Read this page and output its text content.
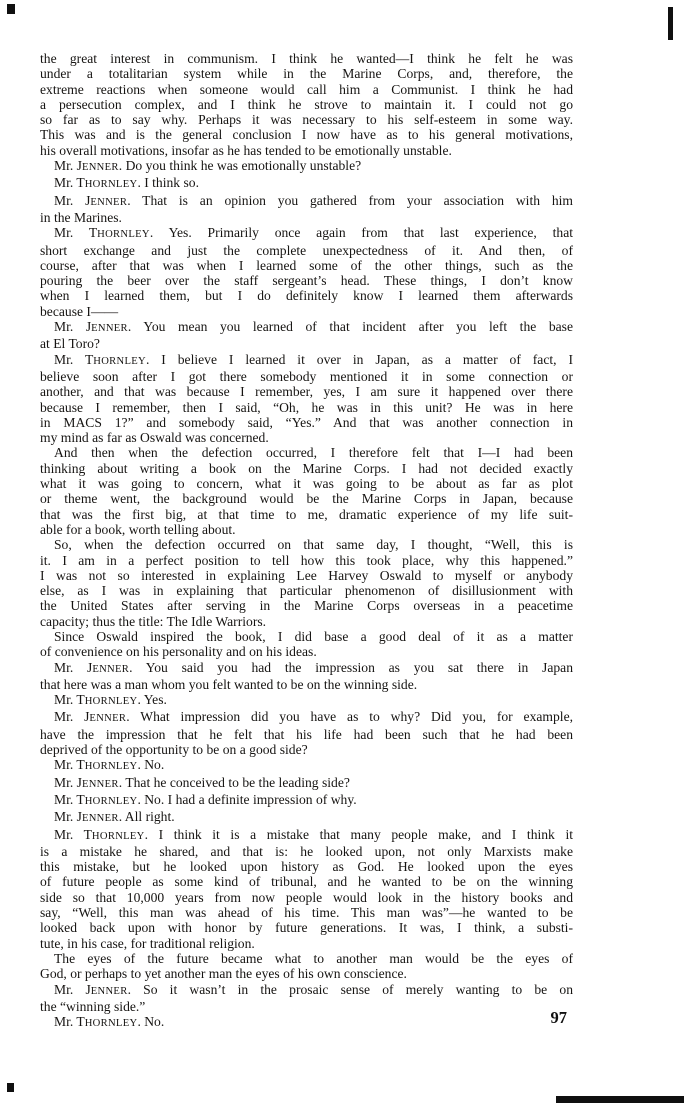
the great interest in communism. I think he wanted—I think he felt he was
under a totalitarian system while in the Marine Corps, and, therefore, the
extreme reactions when someone would call him a Communist. I think he had
a persecution complex, and I think he strove to maintain it. I could not go
so far as to say why. Perhaps it was necessary to his self-esteem in some way.
This was and is the general conclusion I now have as to his general motivations,
his overall motivations, insofar as he has tended to be emotionally unstable.
Mr. JENNER. Do you think he was emotionally unstable?
Mr. THORNLEY. I think so.
Mr. JENNER. That is an opinion you gathered from your association with him
in the Marines.
Mr. THORNLEY. Yes. Primarily once again from that last experience, that
short exchange and just the complete unexpectedness of it. And then, of
course, after that was when I learned some of the other things, such as the
pouring the beer over the staff sergeant’s head. These things, I don’t know
when I learned them, but I do definitely know I learned them afterwards
because I——
Mr. JENNER. You mean you learned of that incident after you left the base
at El Toro?
Mr. THORNLEY. I believe I learned it over in Japan, as a matter of fact, I
believe soon after I got there somebody mentioned it in some connection or
another, and that was because I remember, yes, I am sure it happened over there
because I remember, then I said, “Oh, he was in this unit? He was in here
in MACS 1?” and somebody said, “Yes.” And that was another connection in
my mind as far as Oswald was concerned.
And then when the defection occurred, I therefore felt that I—I had been
thinking about writing a book on the Marine Corps. I had not decided exactly
what it was going to concern, what it was going to be about as far as plot
or theme went, the background would be the Marine Corps in Japan, because
that was the first big, at that time to me, dramatic experience of my life suit-
able for a book, worth telling about.
So, when the defection occurred on that same day, I thought, “Well, this is
it. I am in a perfect position to tell how this took place, why this happened.”
I was not so interested in explaining Lee Harvey Oswald to myself or anybody
else, as I was in explaining that particular phenomenon of disillusionment with
the United States after serving in the Marine Corps overseas in a peacetime
capacity; thus the title: The Idle Warriors.
Since Oswald inspired the book, I did base a good deal of it as a matter
of convenience on his personality and on his ideas.
Mr. JENNER. You said you had the impression as you sat there in Japan
that here was a man whom you felt wanted to be on the winning side.
Mr. THORNLEY. Yes.
Mr. JENNER. What impression did you have as to why? Did you, for example,
have the impression that he felt that his life had been such that he had been
deprived of the opportunity to be on a good side?
Mr. THORNLEY. No.
Mr. JENNER. That he conceived to be the leading side?
Mr. THORNLEY. No. I had a definite impression of why.
Mr. JENNER. All right.
Mr. THORNLEY. I think it is a mistake that many people make, and I think it
is a mistake he shared, and that is: he looked upon, not only Marxists make
this mistake, but he looked upon history as God. He looked upon the eyes
of future people as some kind of tribunal, and he wanted to be on the winning
side so that 10,000 years from now people would look in the history books and
say, “Well, this man was ahead of his time. This man was”—he wanted to be
looked back upon with honor by future generations. It was, I think, a substi-
tute, in his case, for traditional religion.
The eyes of the future became what to another man would be the eyes of
God, or perhaps to yet another man the eyes of his own conscience.
Mr. JENNER. So it wasn’t in the prosaic sense of merely wanting to be on
the “winning side.”
Mr. THORNLEY. No.	97
